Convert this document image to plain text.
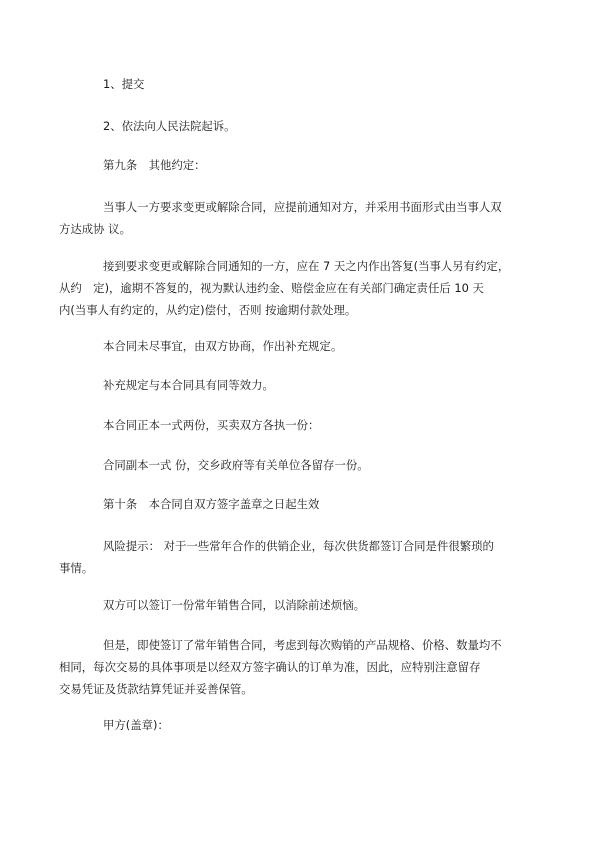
1、提交

2、依法向人民法院起诉。

第九条　其他约定：

当事人一方要求变更或解除合同，应提前通知对方，并采用书面形式由当事人双
方达成协 议。

接到要求变更或解除合同通知的一方，应在 7 天之内作出答复(当事人另有约定，
从约　定)，逾期不答复的，视为默认违约金、赔偿金应在有关部门确定责任后 10 天
内(当事人有约定的，从约定)偿付，否则 按逾期付款处理。

本合同未尽事宜，由双方协商，作出补充规定。

补充规定与本合同具有同等效力。

本合同正本一式两份，买卖双方各执一份：

合同副本一式 份，交乡政府等有关单位各留存一份。

第十条　本合同自双方签字盖章之日起生效

风险提示： 对于一些常年合作的供销企业，每次供货都签订合同是件很繁琐的
事情。

双方可以签订一份常年销售合同，以消除前述烦恼。

但是，即使签订了常年销售合同，考虑到每次购销的产品规格、价格、数量均不
相同，每次交易的具体事项是以经双方签字确认的订单为准，因此，应特别注意留存
交易凭证及货款结算凭证并妥善保管。

甲方(盖章)：
